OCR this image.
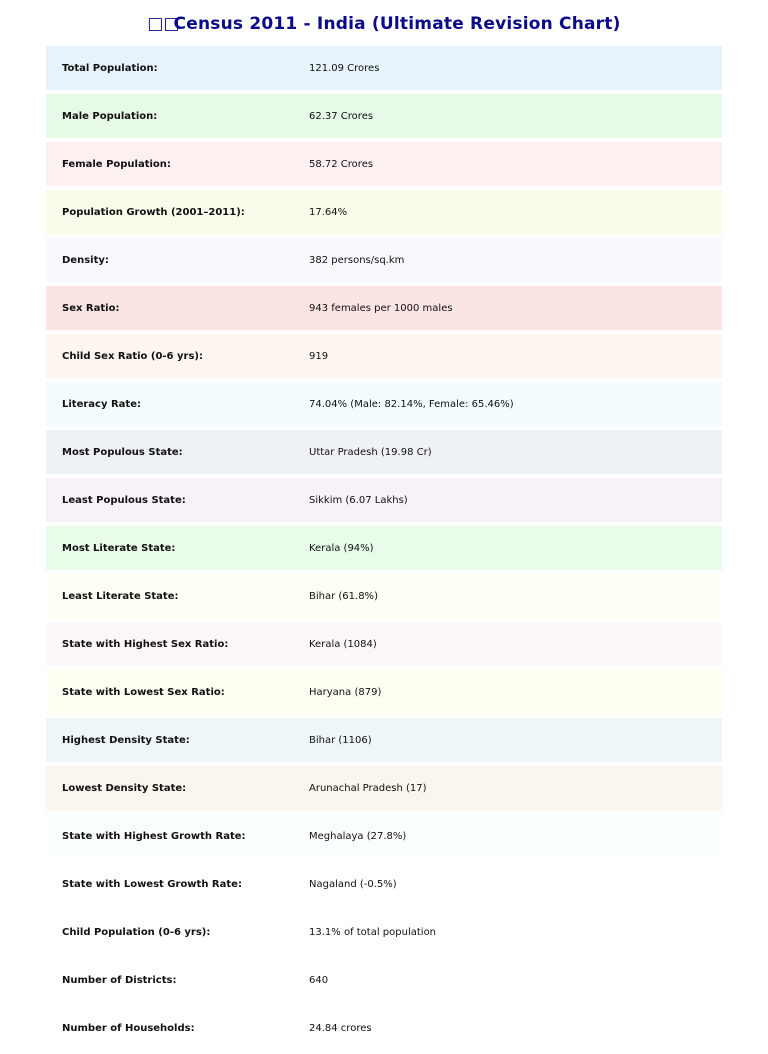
□□ Census 2011 - India (Ultimate Revision Chart)
Total Population:	121.09 Crores
Male Population:	62.37 Crores
Female Population:	58.72 Crores
Population Growth (2001–2011):	17.64%
Density:	382 persons/sq.km
Sex Ratio:	943 females per 1000 males
Child Sex Ratio (0-6 yrs):	919
Literacy Rate:	74.04% (Male: 82.14%, Female: 65.46%)
Most Populous State:	Uttar Pradesh (19.98 Cr)
Least Populous State:	Sikkim (6.07 Lakhs)
Most Literate State:	Kerala (94%)
Least Literate State:	Bihar (61.8%)
State with Highest Sex Ratio:	Kerala (1084)
State with Lowest Sex Ratio:	Haryana (879)
Highest Density State:	Bihar (1106)
Lowest Density State:	Arunachal Pradesh (17)
State with Highest Growth Rate:	Meghalaya (27.8%)
State with Lowest Growth Rate:	Nagaland (-0.5%)
Child Population (0-6 yrs):	13.1% of total population
Number of Districts:	640
Number of Households:	24.84 crores
